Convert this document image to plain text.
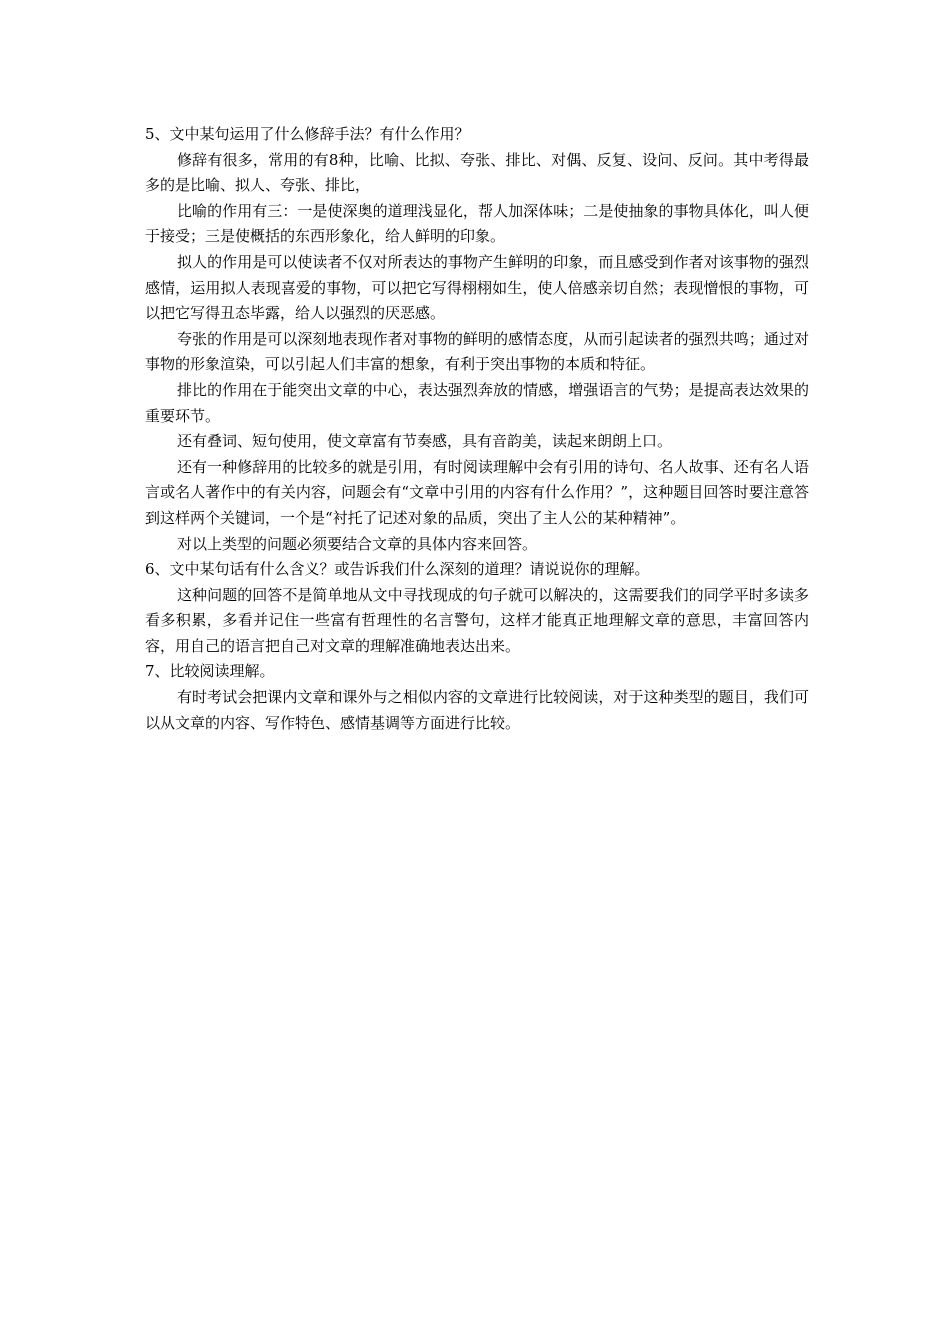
5、文中某句运用了什么修辞手法？有什么作用？

修辞有很多，常用的有8种，比喻、比拟、夸张、排比、对偶、反复、设问、反问。其中考得最多的是比喻、拟人、夸张、排比，

比喻的作用有三：一是使深奥的道理浅显化，帮人加深体味；二是使抽象的事物具体化，叫人便于接受；三是使概括的东西形象化，给人鲜明的印象。

拟人的作用是可以使读者不仅对所表达的事物产生鲜明的印象，而且感受到作者对该事物的强烈感情，运用拟人表现喜爱的事物，可以把它写得栩栩如生，使人倍感亲切自然；表现憎恨的事物，可以把它写得丑态毕露，给人以强烈的厌恶感。

夸张的作用是可以深刻地表现作者对事物的鲜明的感情态度，从而引起读者的强烈共鸣；通过对事物的形象渲染，可以引起人们丰富的想象，有利于突出事物的本质和特征。

排比的作用在于能突出文章的中心，表达强烈奔放的情感，增强语言的气势；是提高表达效果的重要环节。

还有叠词、短句使用，使文章富有节奏感，具有音韵美，读起来朗朗上口。

还有一种修辞用的比较多的就是引用，有时阅读理解中会有引用的诗句、名人故事、还有名人语言或名人著作中的有关内容，问题会有“文章中引用的内容有什么作用？”，这种题目回答时要注意答到这样两个关键词，一个是“衬托了记述对象的品质，突出了主人公的某种精神”。

对以上类型的问题必须要结合文章的具体内容来回答。

6、文中某句话有什么含义？或告诉我们什么深刻的道理？请说说你的理解。

这种问题的回答不是简单地从文中寻找现成的句子就可以解决的，这需要我们的同学平时多读多看多积累，多看并记住一些富有哲理性的名言警句，这样才能真正地理解文章的意思，丰富回答内容，用自己的语言把自己对文章的理解准确地表达出来。

7、比较阅读理解。

有时考试会把课内文章和课外与之相似内容的文章进行比较阅读，对于这种类型的题目，我们可以从文章的内容、写作特色、感情基调等方面进行比较。
